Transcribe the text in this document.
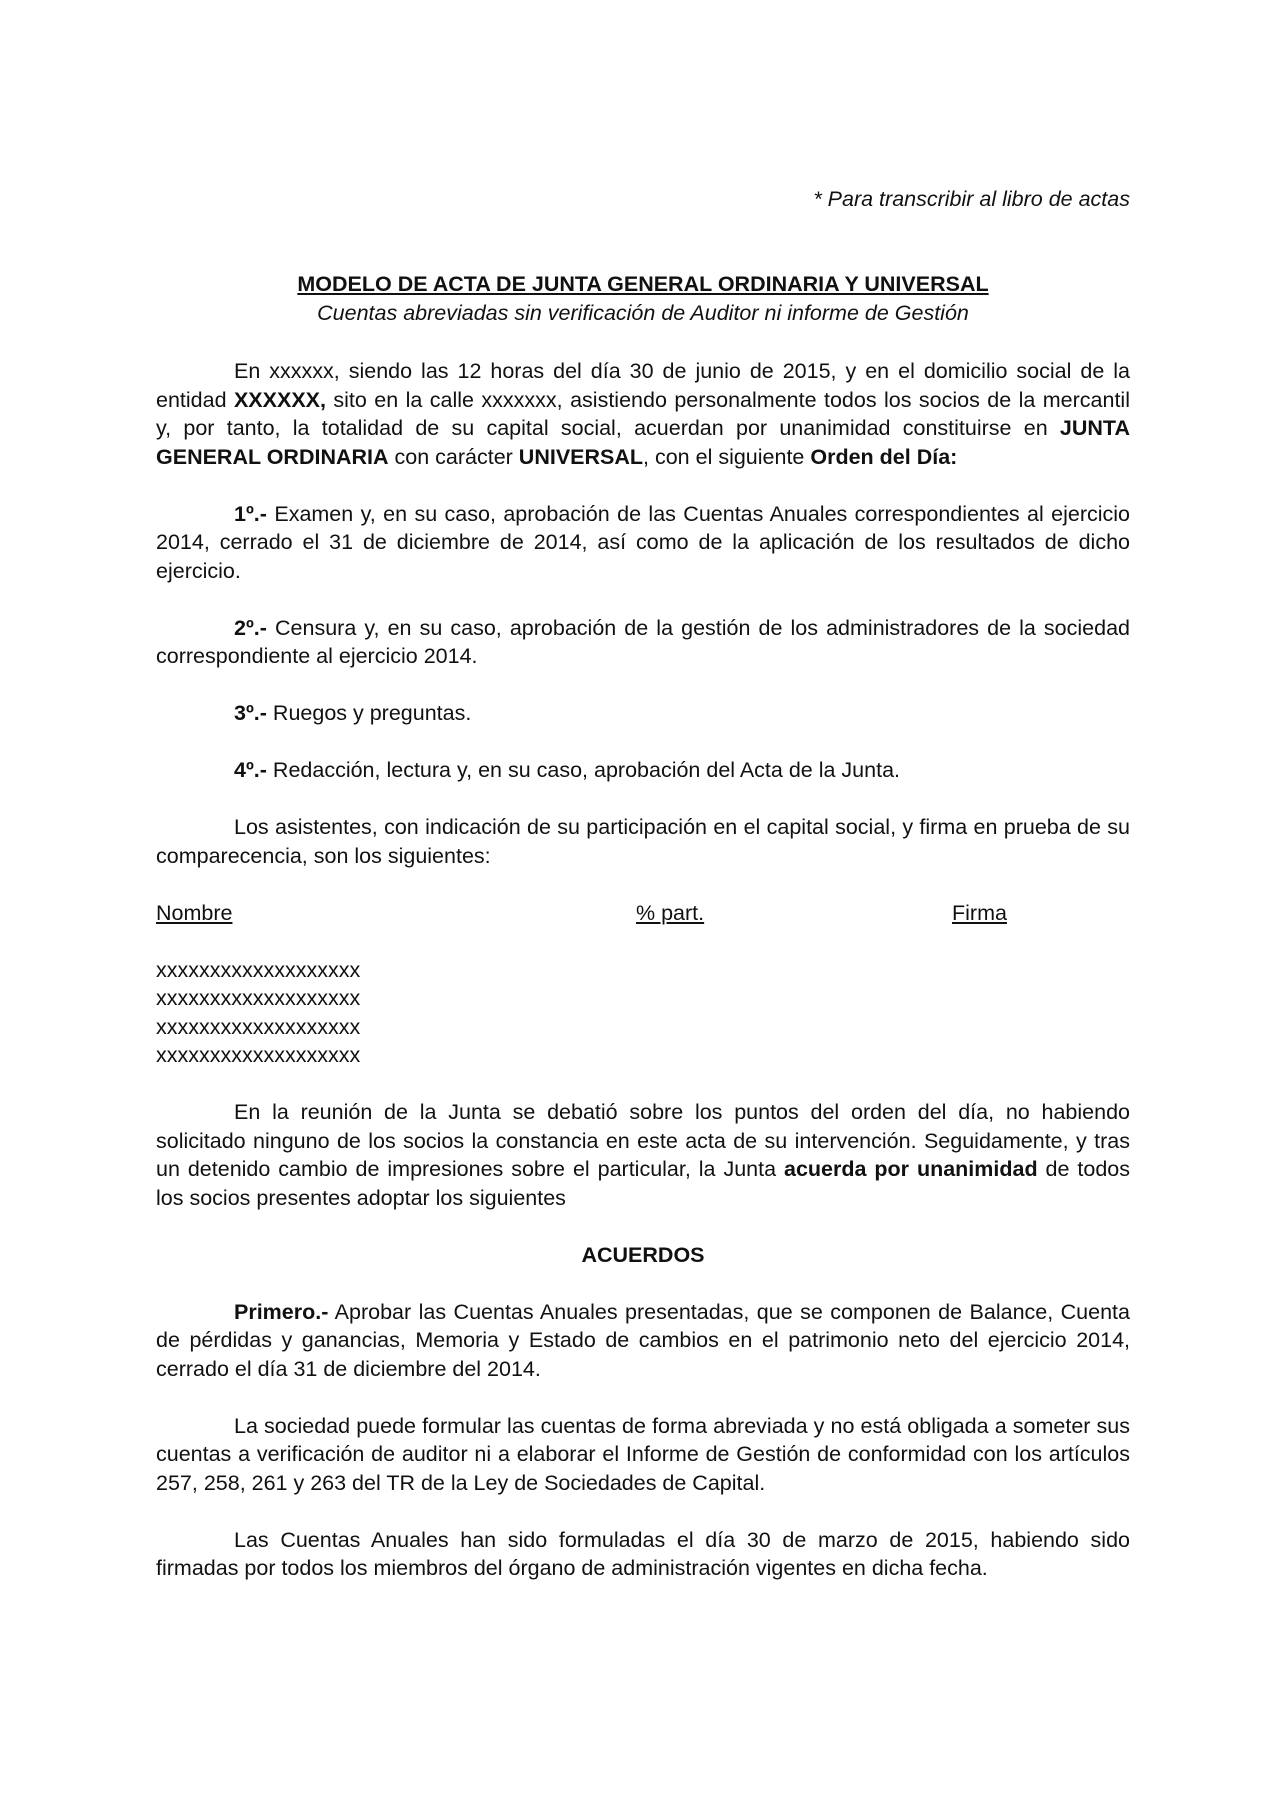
* Para transcribir al libro de actas

MODELO DE ACTA DE JUNTA GENERAL ORDINARIA Y UNIVERSAL

Cuentas abreviadas sin verificación de Auditor ni informe de Gestión

En xxxxxx, siendo las 12 horas del día 30 de junio de 2015, y en el domicilio social de la entidad XXXXXX, sito en la calle xxxxxxx, asistiendo personalmente todos los socios de la mercantil y, por tanto, la totalidad de su capital social, acuerdan por unanimidad constituirse en JUNTA GENERAL ORDINARIA con carácter UNIVERSAL, con el siguiente Orden del Día:

1º.- Examen y, en su caso, aprobación de las Cuentas Anuales correspondientes al ejercicio 2014, cerrado el 31 de diciembre de 2014, así como de la aplicación de los resultados de dicho ejercicio.

2º.- Censura y, en su caso, aprobación de la gestión de los administradores de la sociedad correspondiente al ejercicio 2014.

3º.- Ruegos y preguntas.

4º.- Redacción, lectura y, en su caso, aprobación del Acta de la Junta.

Los asistentes, con indicación de su participación en el capital social, y firma en prueba de su comparecencia, son los siguientes:

Nombre	% part.	Firma
xxxxxxxxxxxxxxxxxxx
xxxxxxxxxxxxxxxxxxx
xxxxxxxxxxxxxxxxxxx
xxxxxxxxxxxxxxxxxxx

En la reunión de la Junta se debatió sobre los puntos del orden del día, no habiendo solicitado ninguno de los socios la constancia en este acta de su intervención. Seguidamente, y tras un detenido cambio de impresiones sobre el particular, la Junta acuerda por unanimidad de todos los socios presentes adoptar los siguientes

ACUERDOS

Primero.- Aprobar las Cuentas Anuales presentadas, que se componen de Balance, Cuenta de pérdidas y ganancias, Memoria y Estado de cambios en el patrimonio neto del ejercicio 2014, cerrado el día 31 de diciembre del 2014.

La sociedad puede formular las cuentas de forma abreviada y no está obligada a someter sus cuentas a verificación de auditor ni a elaborar el Informe de Gestión de conformidad con los artículos 257, 258, 261 y 263 del TR de la Ley de Sociedades de Capital.

Las Cuentas Anuales han sido formuladas el día 30 de marzo de 2015, habiendo sido firmadas por todos los miembros del órgano de administración vigentes en dicha fecha.
